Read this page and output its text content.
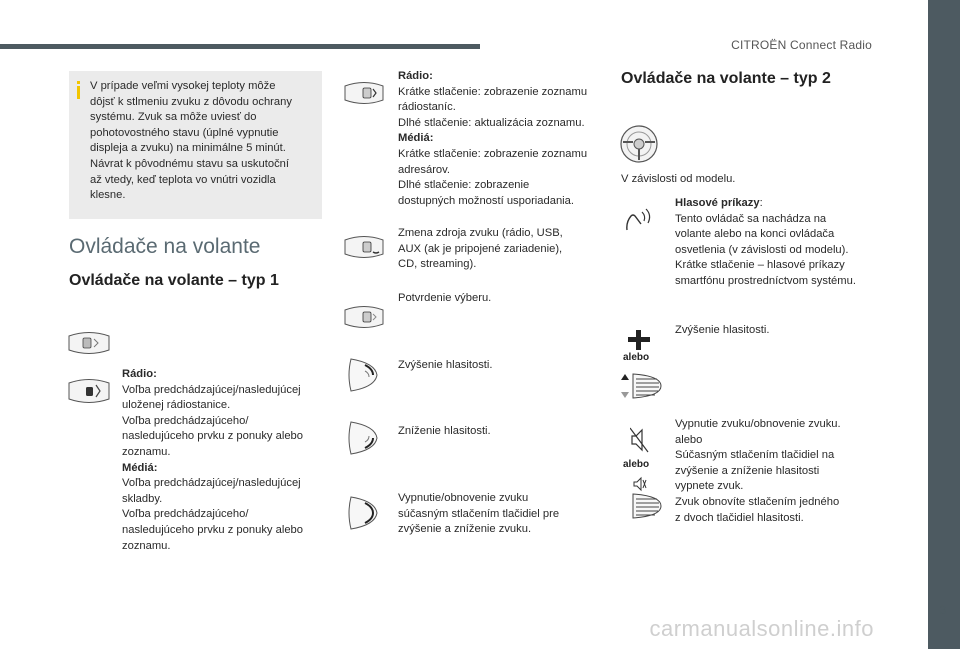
CITROËN Connect Radio
3
carmanualsonline.info
V prípade veľmi vysokej teploty môže
dôjsť k stlmeniu zvuku z dôvodu ochrany
systému. Zvuk sa môže uviesť do
pohotovostného stavu (úplné vypnutie
displeja a zvuku) na minimálne 5 minút.
Návrat k pôvodnému stavu sa uskutoční
až vtedy, keď teplota vo vnútri vozidla
klesne.
Ovládače na volante
Ovládače na volante – typ 1
Ovládače na volante – typ 2
Rádio:
Voľba predchádzajúcej/nasledujúcej
uloženej rádiostanice.
Voľba predchádzajúceho/
nasledujúceho prvku z ponuky alebo
zoznamu.
Médiá:
Voľba predchádzajúcej/nasledujúcej
skladby.
Voľba predchádzajúceho/
nasledujúceho prvku z ponuky alebo
zoznamu.
Rádio:
Krátke stlačenie: zobrazenie zoznamu
rádiostaníc.
Dlhé stlačenie: aktualizácia zoznamu.
Médiá:
Krátke stlačenie: zobrazenie zoznamu
adresárov.
Dlhé stlačenie: zobrazenie
dostupných možností usporiadania.
Zmena zdroja zvuku (rádio, USB,
AUX (ak je pripojené zariadenie),
CD, streaming).
Potvrdenie výberu.
Zvýšenie hlasitosti.
Zníženie hlasitosti.
Vypnutie/obnovenie zvuku
súčasným stlačením tlačidiel pre
zvýšenie a zníženie zvuku.
V závislosti od modelu.
Hlasové príkazy:
Tento ovládač sa nachádza na
volante alebo na konci ovládača
osvetlenia (v závislosti od modelu).
Krátke stlačenie – hlasové príkazy
smartfónu prostredníctvom systému.
alebo
Zvýšenie hlasitosti.
alebo
Vypnutie zvuku/obnovenie zvuku.
alebo
Súčasným stlačením tlačidiel na
zvýšenie a zníženie hlasitosti
vypnete zvuk.
Zvuk obnovíte stlačením jedného
z dvoch tlačidiel hlasitosti.
